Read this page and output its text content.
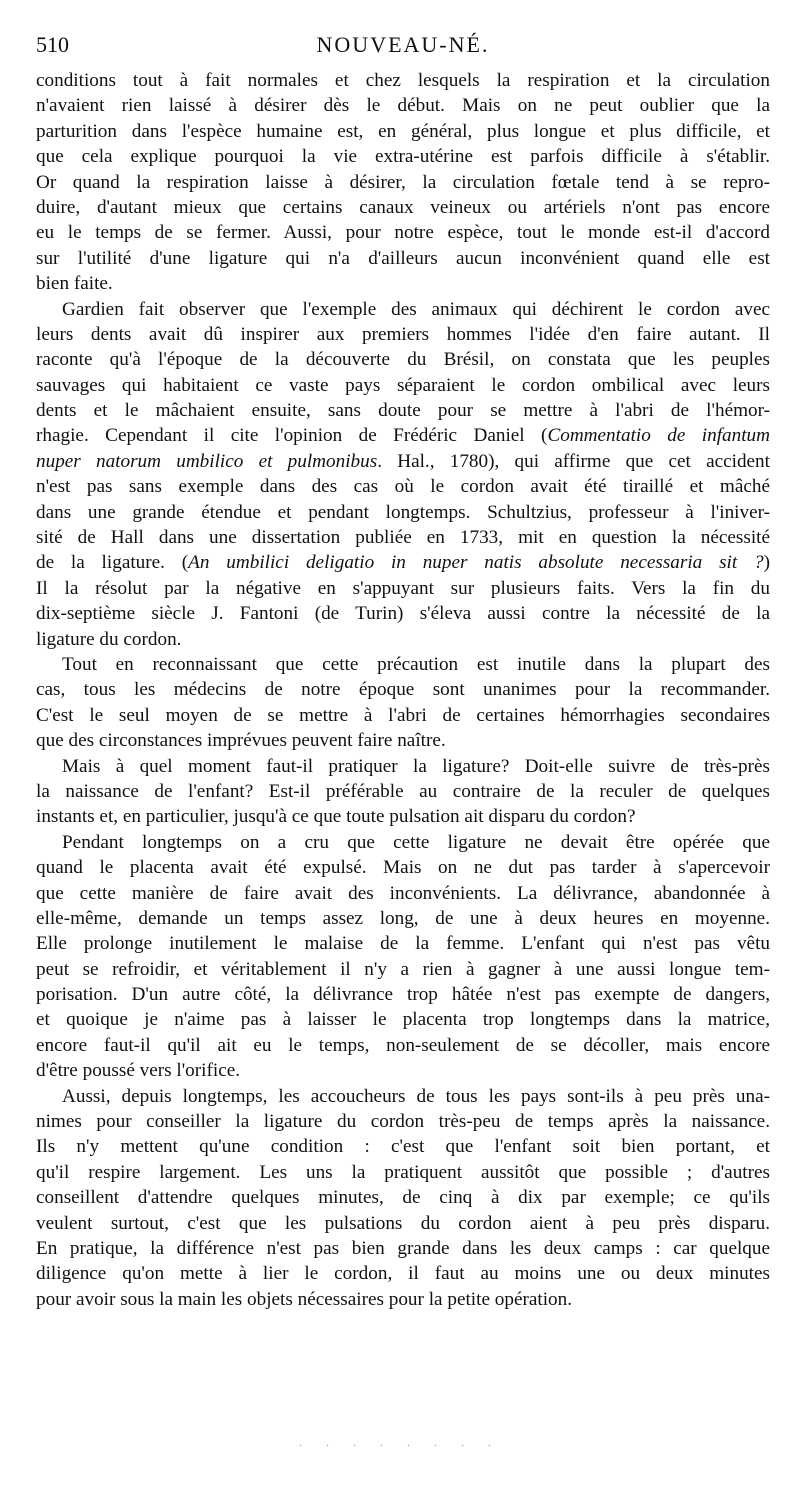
510	NOUVEAU-NÉ.
conditions tout à fait normales et chez lesquels la respiration et la circulation
n'avaient rien laissé à désirer dès le début. Mais on ne peut oublier que la
parturition dans l'espèce humaine est, en général, plus longue et plus difficile, et
que cela explique pourquoi la vie extra-utérine est parfois difficile à s'établir.
Or quand la respiration laisse à désirer, la circulation fœtale tend à se repro-
duire, d'autant mieux que certains canaux veineux ou artériels n'ont pas encore
eu le temps de se fermer. Aussi, pour notre espèce, tout le monde est-il d'accord
sur l'utilité d'une ligature qui n'a d'ailleurs aucun inconvénient quand elle est
bien faite.
Gardien fait observer que l'exemple des animaux qui déchirent le cordon avec
leurs dents avait dû inspirer aux premiers hommes l'idée d'en faire autant. Il
raconte qu'à l'époque de la découverte du Brésil, on constata que les peuples
sauvages qui habitaient ce vaste pays séparaient le cordon ombilical avec leurs
dents et le mâchaient ensuite, sans doute pour se mettre à l'abri de l'hémor-
rhagie. Cependant il cite l'opinion de Frédéric Daniel (Commentatio de infantum
nuper natorum umbilico et pulmonibus. Hal., 1780), qui affirme que cet accident
n'est pas sans exemple dans des cas où le cordon avait été tiraillé et mâché
dans une grande étendue et pendant longtemps. Schultzius, professeur à l'iniver-
sité de Hall dans une dissertation publiée en 1733, mit en question la nécessité
de la ligature. (An umbilici deligatio in nuper natis absolute necessaria sit ?)
Il la résolut par la négative en s'appuyant sur plusieurs faits. Vers la fin du
dix-septième siècle J. Fantoni (de Turin) s'éleva aussi contre la nécessité de la
ligature du cordon.
Tout en reconnaissant que cette précaution est inutile dans la plupart des
cas, tous les médecins de notre époque sont unanimes pour la recommander.
C'est le seul moyen de se mettre à l'abri de certaines hémorrhagies secondaires
que des circonstances imprévues peuvent faire naître.
Mais à quel moment faut-il pratiquer la ligature? Doit-elle suivre de très-près
la naissance de l'enfant? Est-il préférable au contraire de la reculer de quelques
instants et, en particulier, jusqu'à ce que toute pulsation ait disparu du cordon?
Pendant longtemps on a cru que cette ligature ne devait être opérée que
quand le placenta avait été expulsé. Mais on ne dut pas tarder à s'apercevoir
que cette manière de faire avait des inconvénients. La délivrance, abandonnée à
elle-même, demande un temps assez long, de une à deux heures en moyenne.
Elle prolonge inutilement le malaise de la femme. L'enfant qui n'est pas vêtu
peut se refroidir, et véritablement il n'y a rien à gagner à une aussi longue tem-
porisation. D'un autre côté, la délivrance trop hâtée n'est pas exempte de dangers,
et quoique je n'aime pas à laisser le placenta trop longtemps dans la matrice,
encore faut-il qu'il ait eu le temps, non-seulement de se décoller, mais encore
d'être poussé vers l'orifice.
Aussi, depuis longtemps, les accoucheurs de tous les pays sont-ils à peu près una-
nimes pour conseiller la ligature du cordon très-peu de temps après la naissance.
Ils n'y mettent qu'une condition : c'est que l'enfant soit bien portant, et
qu'il respire largement. Les uns la pratiquent aussitôt que possible ; d'autres
conseillent d'attendre quelques minutes, de cinq à dix par exemple; ce qu'ils
veulent surtout, c'est que les pulsations du cordon aient à peu près disparu.
En pratique, la différence n'est pas bien grande dans les deux camps : car quelque
diligence qu'on mette à lier le cordon, il faut au moins une ou deux minutes
pour avoir sous la main les objets nécessaires pour la petite opération.
· · · · · · · ·
